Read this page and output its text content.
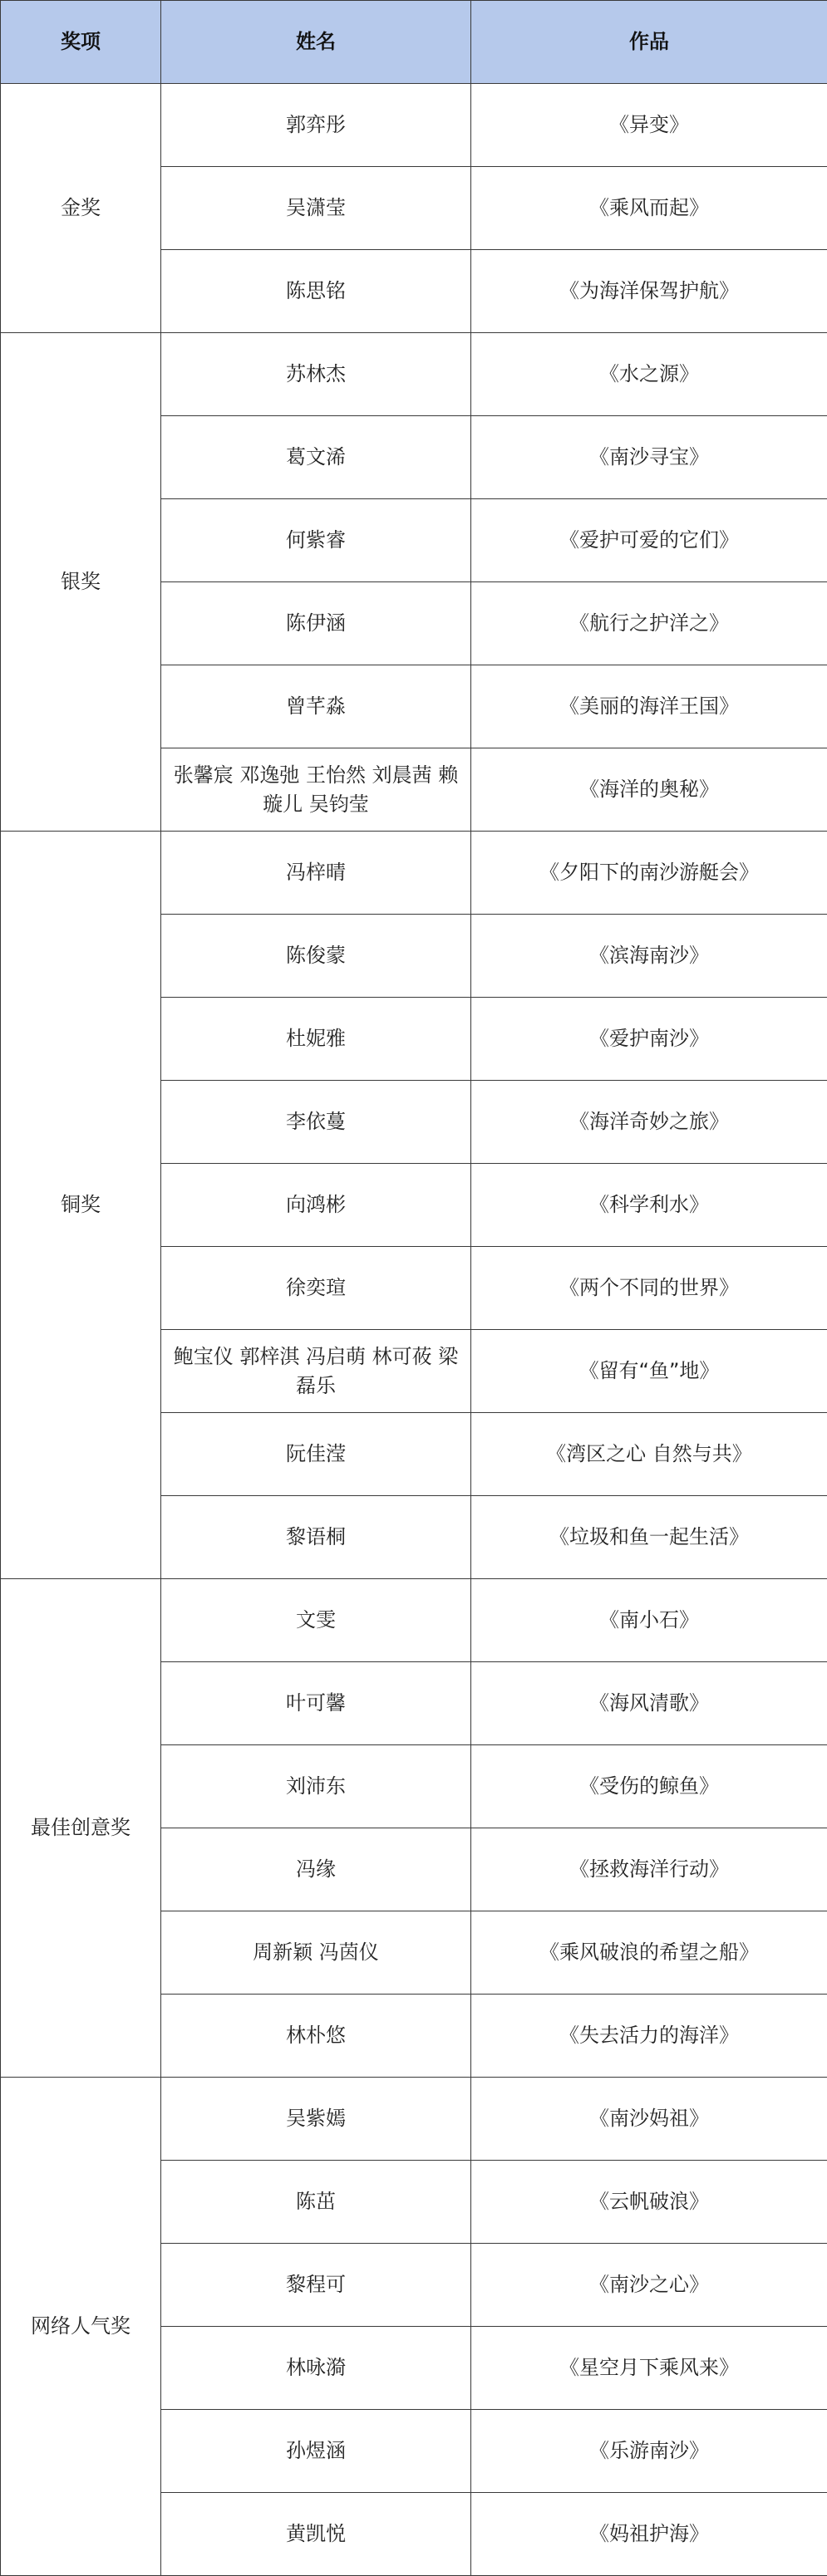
奖项	姓名	作品
金奖	郭弈彤	《异变》
	吴潇莹	《乘风而起》
	陈思铭	《为海洋保驾护航》
银奖	苏林杰	《水之源》
	葛文浠	《南沙寻宝》
	何紫睿	《爱护可爱的它们》
	陈伊涵	《航行之护洋之》
	曾芊淼	《美丽的海洋王国》
	张馨宸 邓逸弛 王怡然 刘晨茜 赖璇儿 吴钧莹	《海洋的奥秘》
铜奖	冯梓晴	《夕阳下的南沙游艇会》
	陈俊蒙	《滨海南沙》
	杜妮雅	《爱护南沙》
	李依蔓	《海洋奇妙之旅》
	向鸿彬	《科学利水》
	徐奕瑄	《两个不同的世界》
	鲍宝仪 郭梓淇 冯启萌 林可莜 梁磊乐	《留有“鱼”地》
	阮佳滢	《湾区之心 自然与共》
	黎语桐	《垃圾和鱼一起生活》
最佳创意奖	文雯	《南小石》
	叶可馨	《海风清歌》
	刘沛东	《受伤的鲸鱼》
	冯缘	《拯救海洋行动》
	周新颖 冯茵仪	《乘风破浪的希望之船》
	林朴悠	《失去活力的海洋》
网络人气奖	吴紫嫣	《南沙妈祖》
	陈茁	《云帆破浪》
	黎程可	《南沙之心》
	林咏漪	《星空月下乘风来》
	孙煜涵	《乐游南沙》
	黄凯悦	《妈祖护海》
